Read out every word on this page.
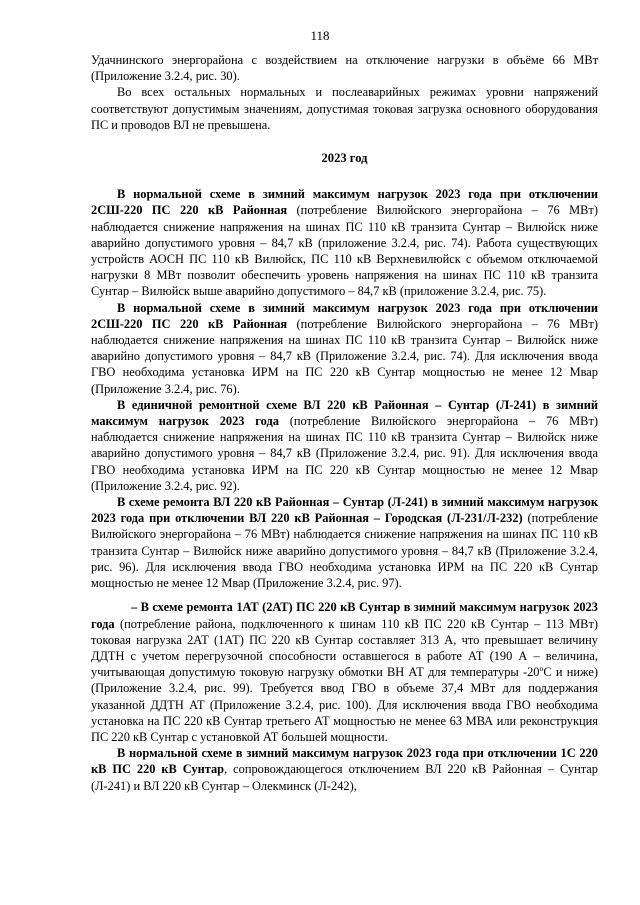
118

Удачнинского энергорайона с воздействием на отключение нагрузки в объёме 66 МВт (Приложение 3.2.4, рис. 30).

Во всех остальных нормальных и послеаварийных режимах уровни напряжений соответствуют допустимым значениям, допустимая токовая загрузка основного оборудования ПС и проводов ВЛ не превышена.

2023 год

В нормальной схеме в зимний максимум нагрузок 2023 года при отключении 2СШ-220 ПС 220 кВ Районная (потребление Вилюйского энергорайона – 76 МВт) наблюдается снижение напряжения на шинах ПС 110 кВ транзита Сунтар – Вилюйск ниже аварийно допустимого уровня – 84,7 кВ (приложение 3.2.4, рис. 74). Работа существующих устройств АОСН ПС 110 кВ Вилюйск, ПС 110 кВ Верхневилюйск с объемом отключаемой нагрузки 8 МВт позволит обеспечить уровень напряжения на шинах ПС 110 кВ транзита Сунтар – Вилюйск выше аварийно допустимого – 84,7 кВ (приложение 3.2.4, рис. 75).

В нормальной схеме в зимний максимум нагрузок 2023 года при отключении 2СШ-220 ПС 220 кВ Районная (потребление Вилюйского энергорайона – 76 МВт) наблюдается снижение напряжения на шинах ПС 110 кВ транзита Сунтар – Вилюйск ниже аварийно допустимого уровня – 84,7 кВ (Приложение 3.2.4, рис. 74). Для исключения ввода ГВО необходима установка ИРМ на ПС 220 кВ Сунтар мощностью не менее 12 Мвар (Приложение 3.2.4, рис. 76).

В единичной ремонтной схеме ВЛ 220 кВ Районная – Сунтар (Л-241) в зимний максимум нагрузок 2023 года (потребление Вилюйского энергорайона – 76 МВт) наблюдается снижение напряжения на шинах ПС 110 кВ транзита Сунтар – Вилюйск ниже аварийно допустимого уровня – 84,7 кВ (Приложение 3.2.4, рис. 91). Для исключения ввода ГВО необходима установка ИРМ на ПС 220 кВ Сунтар мощностью не менее 12 Мвар (Приложение 3.2.4, рис. 92).

В схеме ремонта ВЛ 220 кВ Районная – Сунтар (Л-241) в зимний максимум нагрузок 2023 года при отключении ВЛ 220 кВ Районная – Городская (Л-231/Л-232) (потребление Вилюйского энергорайона – 76 МВт) наблюдается снижение напряжения на шинах ПС 110 кВ транзита Сунтар – Вилюйск ниже аварийно допустимого уровня – 84,7 кВ (Приложение 3.2.4, рис. 96). Для исключения ввода ГВО необходима установка ИРМ на ПС 220 кВ Сунтар мощностью не менее 12 Мвар (Приложение 3.2.4, рис. 97).

– В схеме ремонта 1АТ (2АТ) ПС 220 кВ Сунтар в зимний максимум нагрузок 2023 года (потребление района, подключенного к шинам 110 кВ ПС 220 кВ Сунтар – 113 МВт) токовая нагрузка 2АТ (1АТ) ПС 220 кВ Сунтар составляет 313 А, что превышает величину ДДТН с учетом перегрузочной способности оставшегося в работе АТ (190 А – величина, учитывающая допустимую токовую нагрузку обмотки ВН АТ для температуры -20ºС и ниже) (Приложение 3.2.4, рис. 99). Требуется ввод ГВО в объеме 37,4 МВт для поддержания указанной ДДТН АТ (Приложение 3.2.4, рис. 100). Для исключения ввода ГВО необходима установка на ПС 220 кВ Сунтар третьего АТ мощностью не менее 63 МВА или реконструкция ПС 220 кВ Сунтар с установкой АТ большей мощности.

В нормальной схеме в зимний максимум нагрузок 2023 года при отключении 1С 220 кВ ПС 220 кВ Сунтар, сопровождающегося отключением ВЛ 220 кВ Районная – Сунтар (Л-241) и ВЛ 220 кВ Сунтар – Олекминск (Л-242),
